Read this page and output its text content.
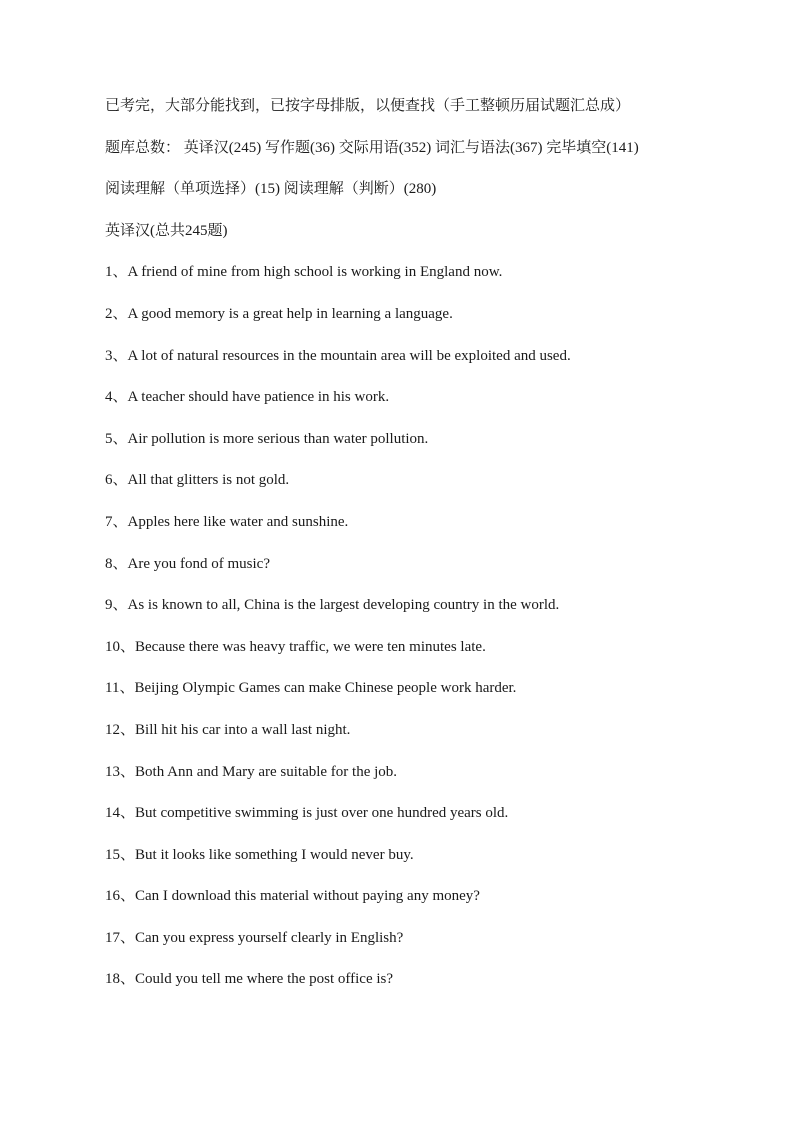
已考完，大部分能找到，已按字母排版，以便查找（手工整顿历届试题汇总成）
题库总数： 英译汉(245) 写作题(36) 交际用语(352) 词汇与语法(367) 完毕填空(141)
阅读理解（单项选择）(15) 阅读理解（判断）(280)
英译汉(总共245题)
1、 A friend of mine from high school is working in England now.
2、 A good memory is a great help in learning a language.
3、 A lot of natural resources in the mountain area will be exploited and used.
4、 A teacher should have patience in his work.
5、 Air pollution is more serious than water pollution.
6、 All that glitters is not gold.
7、 Apples here like water and sunshine.
8、 Are you fond of music?
9、 As is known to all, China is the largest developing country in the world.
10、 Because there was heavy traffic, we were ten minutes late.
11、 Beijing Olympic Games can make Chinese people work harder.
12、 Bill hit his car into a wall last night.
13、 Both Ann and Mary are suitable for the job.
14、 But competitive swimming is just over one hundred years old.
15、 But it looks like something I would never buy.
16、 Can I download this material without paying any money?
17、 Can you express yourself clearly in English?
18、 Could you tell me where the post office is?
